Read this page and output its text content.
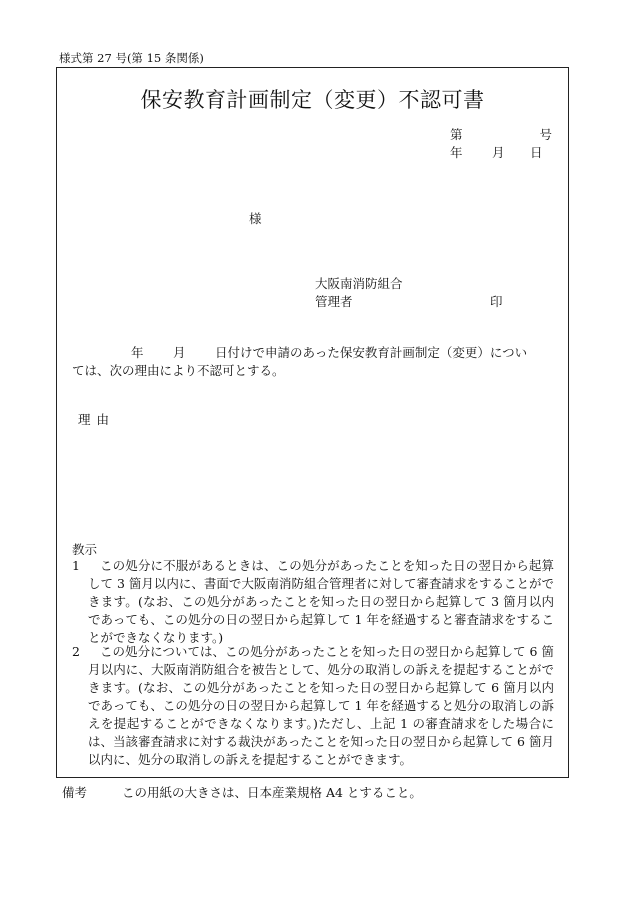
様式第 27 号(第 15 条関係)
保安教育計画制定（変更）不認可書
第	号
年 月 日
様
大阪南消防組合
管理者	印
年 月 日付けで申請のあった保安教育計画制定（変更）につい
ては、次の理由により不認可とする。
理由
教示
1	この処分に不服があるときは、この処分があったことを知った日の翌日から起算して 3 箇月以内に、書面で大阪南消防組合管理者に対して審査請求をすることができます。(なお、この処分があったことを知った日の翌日から起算して 3 箇月以内であっても、この処分の日の翌日から起算して 1 年を経過すると審査請求をすることができなくなります。)
2	この処分については、この処分があったことを知った日の翌日から起算して 6 箇月以内に、大阪南消防組合を被告として、処分の取消しの訴えを提起することができます。(なお、この処分があったことを知った日の翌日から起算して 6 箇月以内であっても、この処分の日の翌日から起算して 1 年を経過すると処分の取消しの訴えを提起することができなくなります。)ただし、上記 1 の審査請求をした場合には、当該審査請求に対する裁決があったことを知った日の翌日から起算して 6 箇月以内に、処分の取消しの訴えを提起することができます。
備考	この用紙の大きさは、日本産業規格 A4 とすること。
